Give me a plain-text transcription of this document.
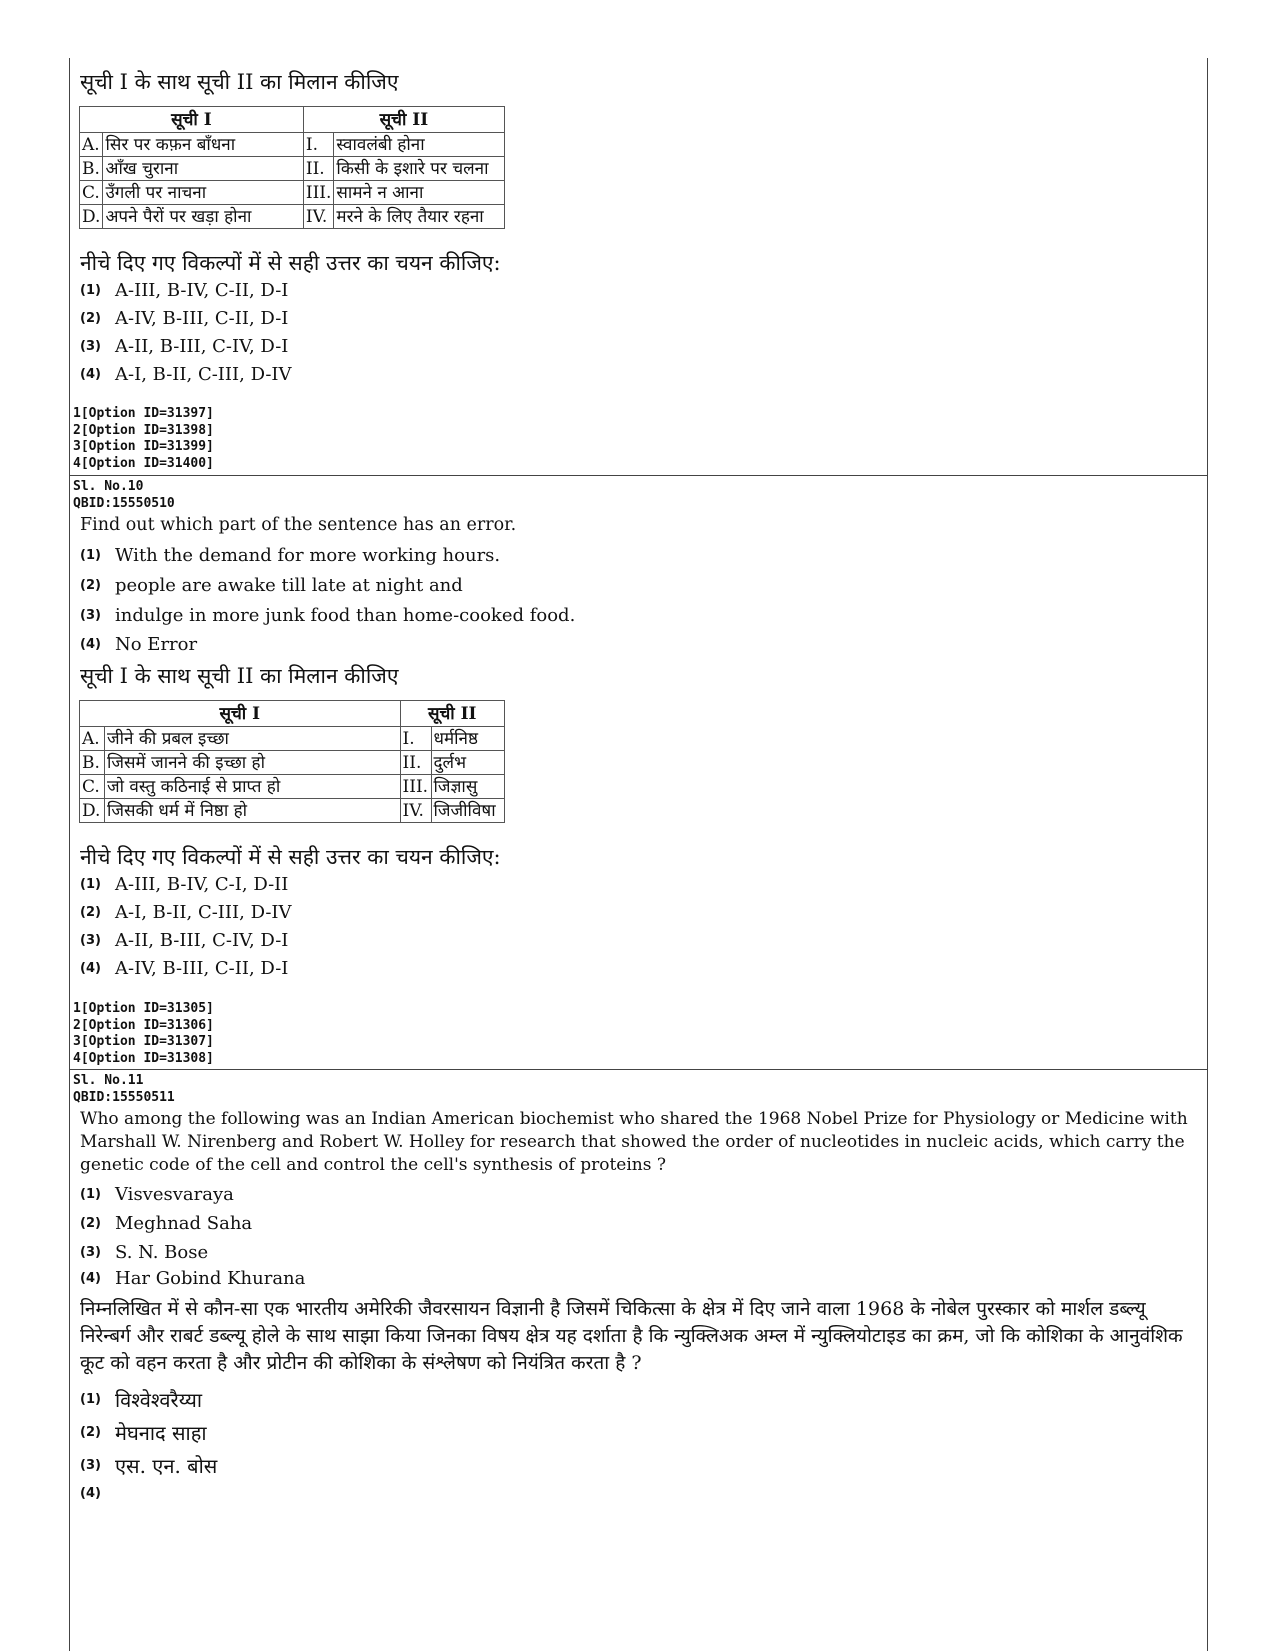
सूची I के साथ सूची II का मिलान कीजिए
सूची I		सूची II	
A.	सिर पर कफ़न बाँधना	I.	स्वावलंबी होना
B.	आँख चुराना	II.	किसी के इशारे पर चलना
C.	उँगली पर नाचना	III.	सामने न आना
D.	अपने पैरों पर खड़ा होना	IV.	मरने के लिए तैयार रहना
नीचे दिए गए विकल्पों में से सही उत्तर का चयन कीजिए:
(1) A-III, B-IV, C-II, D-I
(2) A-IV, B-III, C-II, D-I
(3) A-II, B-III, C-IV, D-I
(4) A-I, B-II, C-III, D-IV
1[Option ID=31397]
2[Option ID=31398]
3[Option ID=31399]
4[Option ID=31400]
Sl. No.10
QBID:15550510
Find out which part of the sentence has an error.
(1) With the demand for more working hours.
(2) people are awake till late at night and
(3) indulge in more junk food than home-cooked food.
(4) No Error
सूची I के साथ सूची II का मिलान कीजिए
सूची I		सूची II	
A.	जीने की प्रबल इच्छा	I.	धर्मनिष्ठ
B.	जिसमें जानने की इच्छा हो	II.	दुर्लभ
C.	जो वस्तु कठिनाई से प्राप्त हो	III.	जिज्ञासु
D.	जिसकी धर्म में निष्ठा हो	IV.	जिजीविषा
नीचे दिए गए विकल्पों में से सही उत्तर का चयन कीजिए:
(1) A-III, B-IV, C-I, D-II
(2) A-I, B-II, C-III, D-IV
(3) A-II, B-III, C-IV, D-I
(4) A-IV, B-III, C-II, D-I
1[Option ID=31305]
2[Option ID=31306]
3[Option ID=31307]
4[Option ID=31308]
Sl. No.11
QBID:15550511
Who among the following was an Indian American biochemist who shared the 1968 Nobel Prize for Physiology or Medicine with Marshall W. Nirenberg and Robert W. Holley for research that showed the order of nucleotides in nucleic acids, which carry the genetic code of the cell and control the cell's synthesis of proteins ?
(1) Visvesvaraya
(2) Meghnad Saha
(3) S. N. Bose
(4) Har Gobind Khurana
निम्नलिखित में से कौन-सा एक भारतीय अमेरिकी जैवरसायन विज्ञानी है जिसमें चिकित्सा के क्षेत्र में दिए जाने वाला 1968 के नोबेल पुरस्कार को मार्शल डब्ल्यू निरेन्बर्ग और राबर्ट डब्ल्यू होले के साथ साझा किया जिनका विषय क्षेत्र यह दर्शाता है कि न्युक्लिअक अम्ल में न्युक्लियोटाइड का क्रम, जो कि कोशिका के आनुवंशिक कूट को वहन करता है और प्रोटीन की कोशिका के संश्लेषण को नियंत्रित करता है ?
(1) विश्वेश्वरैय्या
(2) मेघनाद साहा
(3) एस. एन. बोस
(4)
